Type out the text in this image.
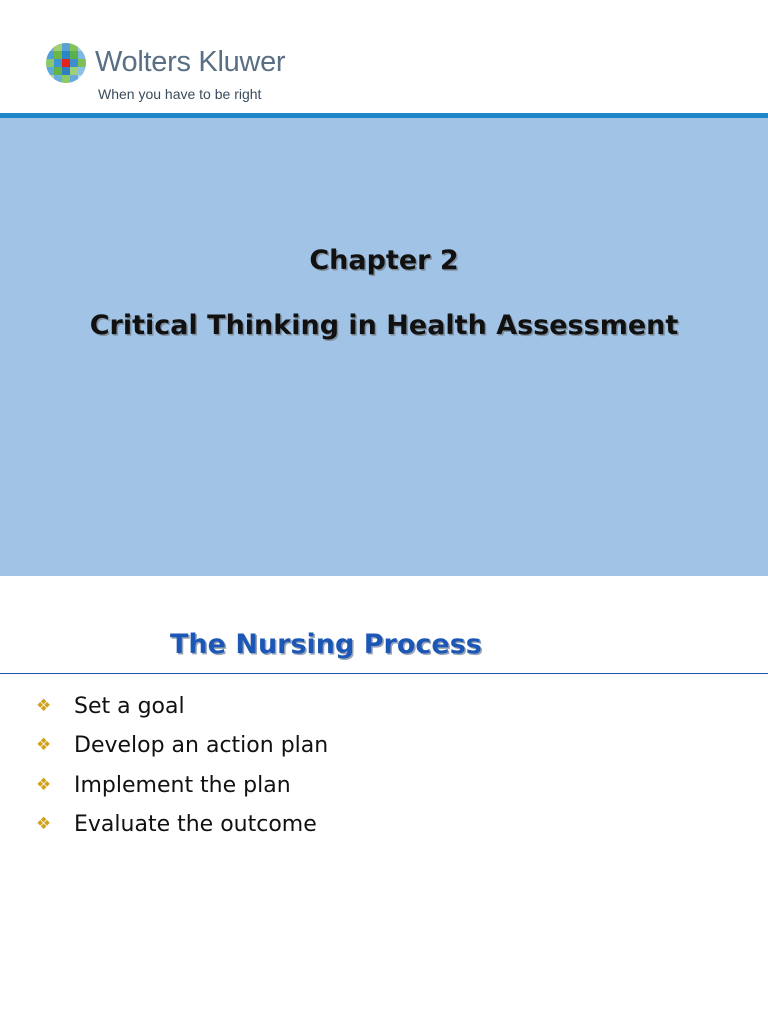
Wolters Kluwer
When you have to be right
Chapter 2
Critical Thinking in Health Assessment
The Nursing Process
❖ Set a goal
❖ Develop an action plan
❖ Implement the plan
❖ Evaluate the outcome
